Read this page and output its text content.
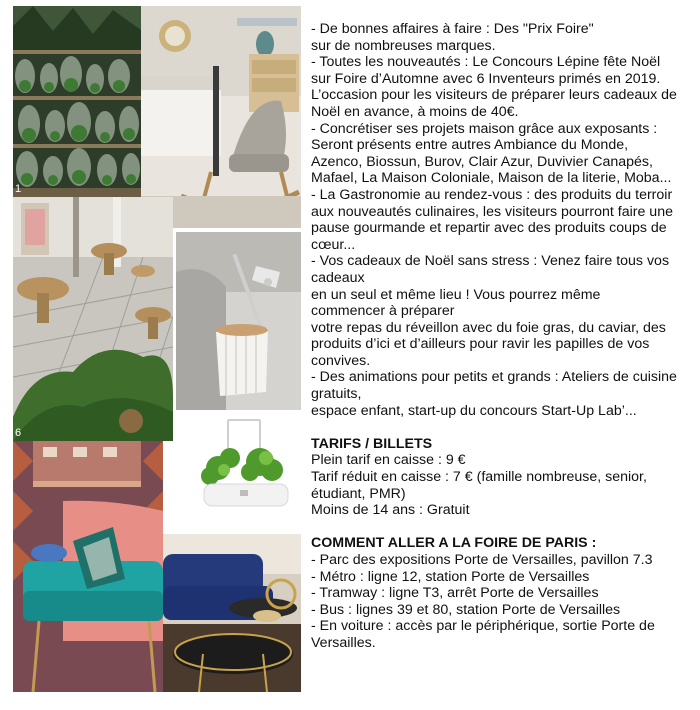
1
6

- De bonnes affaires à faire : Des "Prix Foire"

sur de nombreuses marques.

- Toutes les nouveautés : Le Concours Lépine fête Noël

sur Foire d’Automne avec 6 Inventeurs primés en 2019.

L’occasion pour les visiteurs de préparer leurs cadeaux de

Noël en avance, à moins de 40€.

- Concrétiser ses projets maison grâce aux exposants :

Seront présents entre autres Ambiance du Monde,

Azenco, Biossun, Burov, Clair Azur, Duvivier Canapés,

Mafael, La Maison Coloniale, Maison de la literie, Moba...

- La Gastronomie au rendez-vous : des produits du terroir

aux nouveautés culinaires, les visiteurs pourront faire une

pause gourmande et repartir avec des produits coups de

cœur...

- Vos cadeaux de Noël sans stress : Venez faire tous vos

cadeaux

en un seul et même lieu ! Vous pourrez même

commencer à préparer

votre repas du réveillon avec du foie gras, du caviar, des

produits d’ici et d’ailleurs pour ravir les papilles de vos

convives.

- Des animations pour petits et grands : Ateliers de cuisine

gratuits,

espace enfant, start-up du concours Start-Up Lab’...

TARIFS / BILLETS

Plein tarif en caisse : 9 €

Tarif réduit en caisse : 7 € (famille nombreuse, senior,

étudiant, PMR)

Moins de 14 ans : Gratuit

COMMENT ALLER A LA FOIRE DE PARIS :

- Parc des expositions Porte de Versailles, pavillon 7.3

- Métro : ligne 12, station Porte de Versailles

- Tramway : ligne T3, arrêt Porte de Versailles

- Bus : lignes 39 et 80, station Porte de Versailles

- En voiture : accès par le périphérique, sortie Porte de

Versailles.
